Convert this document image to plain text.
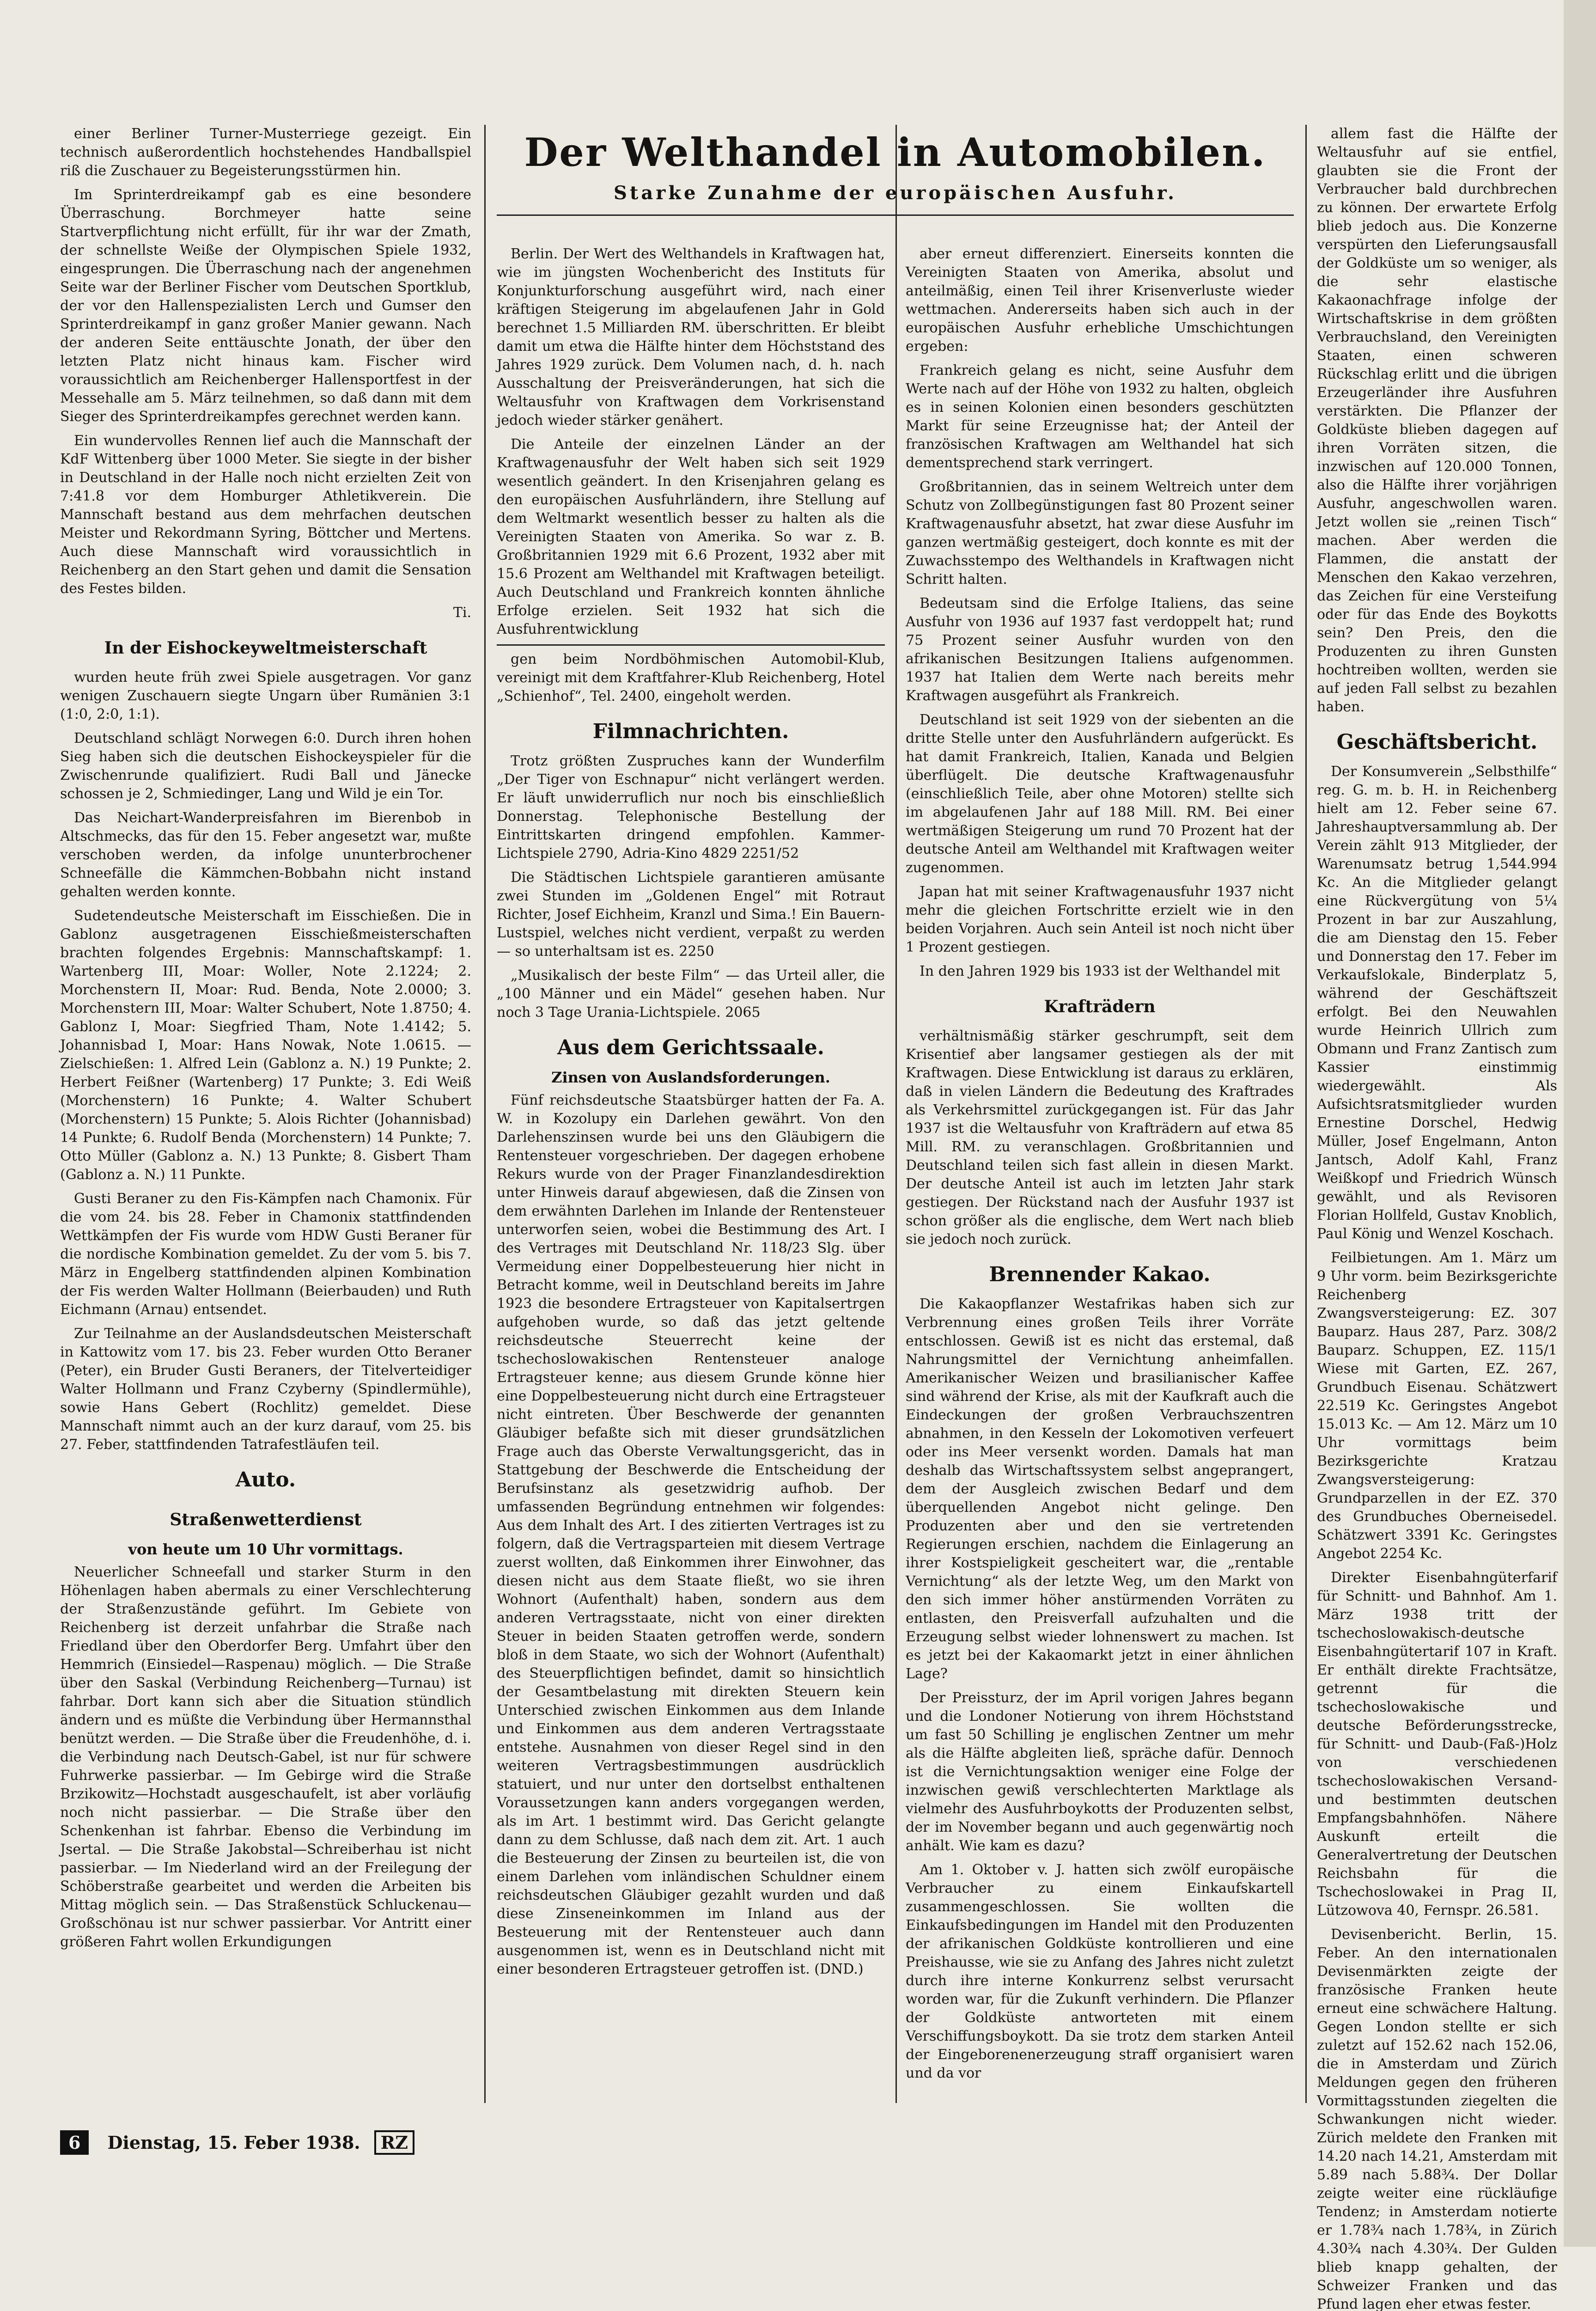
einer Berliner Turner-Musterriege gezeigt. Ein technisch außerordentlich hochstehendes Handballspiel riß die Zuschauer zu Begeisterungsstürmen hin.

Im Sprinterdreikampf gab es eine besondere Überraschung. Borchmeyer hatte seine Startverpflichtung nicht erfüllt, für ihr war der Zmath, der schnellste Weiße der Olympischen Spiele 1932, eingesprungen. Die Überraschung nach der angenehmen Seite war der Berliner Fischer vom Deutschen Sportklub, der vor den Hallenspezialisten Lerch und Gumser den Sprinterdreikampf in ganz großer Manier gewann. Nach der anderen Seite enttäuschte Jonath, der über den letzten Platz nicht hinaus kam. Fischer wird voraussichtlich am Reichenberger Hallensportfest in der Messehalle am 5. März teilnehmen, so daß dann mit dem Sieger des Sprinterdreikampfes gerechnet werden kann.

Ein wundervolles Rennen lief auch die Mannschaft der KdF Wittenberg über 1000 Meter. Sie siegte in der bisher in Deutschland in der Halle noch nicht erzielten Zeit von 7:41.8 vor dem Homburger Athletikverein. Die Mannschaft bestand aus dem mehrfachen deutschen Meister und Rekordmann Syring, Böttcher und Mertens. Auch diese Mannschaft wird voraussichtlich in Reichenberg an den Start gehen und damit die Sensation des Festes bilden.

Ti.
In der Eishockeyweltmeisterschaft

wurden heute früh zwei Spiele ausgetragen. Vor ganz wenigen Zuschauern siegte Ungarn über Rumänien 3:1 (1:0, 2:0, 1:1).

Deutschland schlägt Norwegen 6:0. Durch ihren hohen Sieg haben sich die deutschen Eishockeyspieler für die Zwischenrunde qualifiziert. Rudi Ball und Jänecke schossen je 2, Schmiedinger, Lang und Wild je ein Tor.

Das Neichart-Wanderpreisfahren im Bierenbob in Altschmecks, das für den 15. Feber angesetzt war, mußte verschoben werden, da infolge ununterbrochener Schneefälle die Kämmchen-Bobbahn nicht instand gehalten werden konnte.

Sudetendeutsche Meisterschaft im Eisschießen. Die in Gablonz ausgetragenen Eisschießmeisterschaften brachten folgendes Ergebnis: Mannschaftskampf: 1. Wartenberg III, Moar: Woller, Note 2.1224; 2. Morchenstern II, Moar: Rud. Benda, Note 2.0000; 3. Morchenstern III, Moar: Walter Schubert, Note 1.8750; 4. Gablonz I, Moar: Siegfried Tham, Note 1.4142; 5. Johannisbad I, Moar: Hans Nowak, Note 1.0615. — Zielschießen: 1. Alfred Lein (Gablonz a. N.) 19 Punkte; 2. Herbert Feißner (Wartenberg) 17 Punkte; 3. Edi Weiß (Morchenstern) 16 Punkte; 4. Walter Schubert (Morchenstern) 15 Punkte; 5. Alois Richter (Johannisbad) 14 Punkte; 6. Rudolf Benda (Morchenstern) 14 Punkte; 7. Otto Müller (Gablonz a. N.) 13 Punkte; 8. Gisbert Tham (Gablonz a. N.) 11 Punkte.

Gusti Beraner zu den Fis-Kämpfen nach Chamonix. Für die vom 24. bis 28. Feber in Chamonix stattfindenden Wettkämpfen der Fis wurde vom HDW Gusti Beraner für die nordische Kombination gemeldet. Zu der vom 5. bis 7. März in Engelberg stattfindenden alpinen Kombination der Fis werden Walter Hollmann (Beierbauden) und Ruth Eichmann (Arnau) entsendet.

Zur Teilnahme an der Auslandsdeutschen Meisterschaft in Kattowitz vom 17. bis 23. Feber wurden Otto Beraner (Peter), ein Bruder Gusti Beraners, der Titelverteidiger Walter Hollmann und Franz Czyberny (Spindlermühle), sowie Hans Gebert (Rochlitz) gemeldet. Diese Mannschaft nimmt auch an der kurz darauf, vom 25. bis 27. Feber, stattfindenden Tatrafestläufen teil.

Auto.
Straßenwetterdienst
von heute um 10 Uhr vormittags.

Neuerlicher Schneefall und starker Sturm in den Höhenlagen haben abermals zu einer Verschlechterung der Straßenzustände geführt. Im Gebiete von Reichenberg ist derzeit unfahrbar die Straße nach Friedland über den Oberdorfer Berg. Umfahrt über den Hemmrich (Einsiedel—Raspenau) möglich. — Die Straße über den Saskal (Verbindung Reichenberg—Turnau) ist fahrbar. Dort kann sich aber die Situation stündlich ändern und es müßte die Verbindung über Hermannsthal benützt werden. — Die Straße über die Freudenhöhe, d. i. die Verbindung nach Deutsch-Gabel, ist nur für schwere Fuhrwerke passierbar. — Im Gebirge wird die Straße Brzikowitz—Hochstadt ausgeschaufelt, ist aber vorläufig noch nicht passierbar. — Die Straße über den Schenkenhan ist fahrbar. Ebenso die Verbindung im Jsertal. — Die Straße Jakobstal—Schreiberhau ist nicht passierbar. — Im Niederland wird an der Freilegung der Schöberstraße gearbeitet und werden die Arbeiten bis Mittag möglich sein. — Das Straßenstück Schluckenau—Großschönau ist nur schwer passierbar. Vor Antritt einer größeren Fahrt wollen Erkundigungen

Der Welthandel in Automobilen.
Starke Zunahme der europäischen Ausfuhr.

Berlin. Der Wert des Welthandels in Kraftwagen hat, wie im jüngsten Wochenbericht des Instituts für Konjunkturforschung ausgeführt wird, nach einer kräftigen Steigerung im abgelaufenen Jahr in Gold berechnet 1.5 Milliarden RM. überschritten. Er bleibt damit um etwa die Hälfte hinter dem Höchststand des Jahres 1929 zurück. Dem Volumen nach, d. h. nach Ausschaltung der Preisveränderungen, hat sich die Weltausfuhr von Kraftwagen dem Vorkrisenstand jedoch wieder stärker genähert.

Die Anteile der einzelnen Länder an der Kraftwagenausfuhr der Welt haben sich seit 1929 wesentlich geändert. In den Krisenjahren gelang es den europäischen Ausfuhrländern, ihre Stellung auf dem Weltmarkt wesentlich besser zu halten als die Vereinigten Staaten von Amerika. So war z. B. Großbritannien 1929 mit 6.6 Prozent, 1932 aber mit 15.6 Prozent am Welthandel mit Kraftwagen beteiligt. Auch Deutschland und Frankreich konnten ähnliche Erfolge erzielen. Seit 1932 hat sich die Ausfuhrentwicklung

gen beim Nordböhmischen Automobil-Klub, vereinigt mit dem Kraftfahrer-Klub Reichenberg, Hotel „Schienhof“, Tel. 2400, eingeholt werden.

Filmnachrichten.

Trotz größten Zuspruches kann der Wunderfilm „Der Tiger von Eschnapur“ nicht verlängert werden. Er läuft unwiderruflich nur noch bis einschließlich Donnerstag. Telephonische Bestellung der Eintrittskarten dringend empfohlen. Kammer-Lichtspiele 2790, Adria-Kino 4829 2251/52

Die Städtischen Lichtspiele garantieren amüsante zwei Stunden im „Goldenen Engel“ mit Rotraut Richter, Josef Eichheim, Kranzl und Sima.! Ein Bauern-Lustspiel, welches nicht verdient, verpaßt zu werden — so unterhaltsam ist es. 2250

„Musikalisch der beste Film“ — das Urteil aller, die „100 Männer und ein Mädel“ gesehen haben. Nur noch 3 Tage Urania-Lichtspiele. 2065

Aus dem Gerichtssaale.
Zinsen von Auslandsforderungen.

Fünf reichsdeutsche Staatsbürger hatten der Fa. A. W. in Kozolupy ein Darlehen gewährt. Von den Darlehenszinsen wurde bei uns den Gläubigern die Rentensteuer vorgeschrieben. Der dagegen erhobene Rekurs wurde von der Prager Finanzlandesdirektion unter Hinweis darauf abgewiesen, daß die Zinsen von dem erwähnten Darlehen im Inlande der Rentensteuer unterworfen seien, wobei die Bestimmung des Art. I des Vertrages mit Deutschland Nr. 118/23 Slg. über Vermeidung einer Doppelbesteuerung hier nicht in Betracht komme, weil in Deutschland bereits im Jahre 1923 die besondere Ertragsteuer von Kapitalsertrgen aufgehoben wurde, so daß das jetzt geltende reichsdeutsche Steuerrecht keine der tschechoslowakischen Rentensteuer analoge Ertragsteuer kenne; aus diesem Grunde könne hier eine Doppelbesteuerung nicht durch eine Ertragsteuer nicht eintreten. Über Beschwerde der genannten Gläubiger befaßte sich mit dieser grundsätzlichen Frage auch das Oberste Verwaltungsgericht, das in Stattgebung der Beschwerde die Entscheidung der Berufsinstanz als gesetzwidrig aufhob. Der umfassenden Begründung entnehmen wir folgendes: Aus dem Inhalt des Art. I des zitierten Vertrages ist zu folgern, daß die Vertragsparteien mit diesem Vertrage zuerst wollten, daß Einkommen ihrer Einwohner, das diesen nicht aus dem Staate fließt, wo sie ihren Wohnort (Aufenthalt) haben, sondern aus dem anderen Vertragsstaate, nicht von einer direkten Steuer in beiden Staaten getroffen werde, sondern bloß in dem Staate, wo sich der Wohnort (Aufenthalt) des Steuerpflichtigen befindet, damit so hinsichtlich der Gesamtbelastung mit direkten Steuern kein Unterschied zwischen Einkommen aus dem Inlande und Einkommen aus dem anderen Vertragsstaate entstehe. Ausnahmen von dieser Regel sind in den weiteren Vertragsbestimmungen ausdrücklich statuiert, und nur unter den dortselbst enthaltenen Voraussetzungen kann anders vorgegangen werden, als im Art. 1 bestimmt wird. Das Gericht gelangte dann zu dem Schlusse, daß nach dem zit. Art. 1 auch die Besteuerung der Zinsen zu beurteilen ist, die von einem Darlehen vom inländischen Schuldner einem reichsdeutschen Gläubiger gezahlt wurden und daß diese Zinseneinkommen im Inland aus der Besteuerung mit der Rentensteuer auch dann ausgenommen ist, wenn es in Deutschland nicht mit einer besonderen Ertragsteuer getroffen ist. (DND.)

aber erneut differenziert. Einerseits konnten die Vereinigten Staaten von Amerika, absolut und anteilmäßig, einen Teil ihrer Krisenverluste wieder wettmachen. Andererseits haben sich auch in der europäischen Ausfuhr erhebliche Umschichtungen ergeben:

Frankreich gelang es nicht, seine Ausfuhr dem Werte nach auf der Höhe von 1932 zu halten, obgleich es in seinen Kolonien einen besonders geschützten Markt für seine Erzeugnisse hat; der Anteil der französischen Kraftwagen am Welthandel hat sich dementsprechend stark verringert.

Großbritannien, das in seinem Weltreich unter dem Schutz von Zollbegünstigungen fast 80 Prozent seiner Kraftwagenausfuhr absetzt, hat zwar diese Ausfuhr im ganzen wertmäßig gesteigert, doch konnte es mit der Zuwachsstempo des Welthandels in Kraftwagen nicht Schritt halten.

Bedeutsam sind die Erfolge Italiens, das seine Ausfuhr von 1936 auf 1937 fast verdoppelt hat; rund 75 Prozent seiner Ausfuhr wurden von den afrikanischen Besitzungen Italiens aufgenommen. 1937 hat Italien dem Werte nach bereits mehr Kraftwagen ausgeführt als Frankreich.

Deutschland ist seit 1929 von der siebenten an die dritte Stelle unter den Ausfuhrländern aufgerückt. Es hat damit Frankreich, Italien, Kanada und Belgien überflügelt. Die deutsche Kraftwagenausfuhr (einschließlich Teile, aber ohne Motoren) stellte sich im abgelaufenen Jahr auf 188 Mill. RM. Bei einer wertmäßigen Steigerung um rund 70 Prozent hat der deutsche Anteil am Welthandel mit Kraftwagen weiter zugenommen.

Japan hat mit seiner Kraftwagenausfuhr 1937 nicht mehr die gleichen Fortschritte erzielt wie in den beiden Vorjahren. Auch sein Anteil ist noch nicht über 1 Prozent gestiegen.

In den Jahren 1929 bis 1933 ist der Welthandel mit

Krafträdern

verhältnismäßig stärker geschrumpft, seit dem Krisentief aber langsamer gestiegen als der mit Kraftwagen. Diese Entwicklung ist daraus zu erklären, daß in vielen Ländern die Bedeutung des Kraftrades als Verkehrsmittel zurückgegangen ist. Für das Jahr 1937 ist die Weltausfuhr von Krafträdern auf etwa 85 Mill. RM. zu veranschlagen. Großbritannien und Deutschland teilen sich fast allein in diesen Markt. Der deutsche Anteil ist auch im letzten Jahr stark gestiegen. Der Rückstand nach der Ausfuhr 1937 ist schon größer als die englische, dem Wert nach blieb sie jedoch noch zurück.

Brennender Kakao.

Die Kakaopflanzer Westafrikas haben sich zur Verbrennung eines großen Teils ihrer Vorräte entschlossen. Gewiß ist es nicht das erstemal, daß Nahrungsmittel der Vernichtung anheimfallen. Amerikanischer Weizen und brasilianischer Kaffee sind während der Krise, als mit der Kaufkraft auch die Eindeckungen der großen Verbrauchszentren abnahmen, in den Kesseln der Lokomotiven verfeuert oder ins Meer versenkt worden. Damals hat man deshalb das Wirtschaftssystem selbst angeprangert, dem der Ausgleich zwischen Bedarf und dem überquellenden Angebot nicht gelinge. Den Produzenten aber und den sie vertretenden Regierungen erschien, nachdem die Einlagerung an ihrer Kostspieligkeit gescheitert war, die „rentable Vernichtung“ als der letzte Weg, um den Markt von den sich immer höher anstürmenden Vorräten zu entlasten, den Preisverfall aufzuhalten und die Erzeugung selbst wieder lohnenswert zu machen. Ist es jetzt bei der Kakaomarkt jetzt in einer ähnlichen Lage?

Der Preissturz, der im April vorigen Jahres begann und die Londoner Notierung von ihrem Höchststand um fast 50 Schilling je englischen Zentner um mehr als die Hälfte abgleiten ließ, spräche dafür. Dennoch ist die Vernichtungsaktion weniger eine Folge der inzwischen gewiß verschlechterten Marktlage als vielmehr des Ausfuhrboykotts der Produzenten selbst, der im November begann und auch gegenwärtig noch anhält. Wie kam es dazu?

Am 1. Oktober v. J. hatten sich zwölf europäische Verbraucher zu einem Einkaufskartell zusammengeschlossen. Sie wollten die Einkaufsbedingungen im Handel mit den Produzenten der afrikanischen Goldküste kontrollieren und eine Preishausse, wie sie zu Anfang des Jahres nicht zuletzt durch ihre interne Konkurrenz selbst verursacht worden war, für die Zukunft verhindern. Die Pflanzer der Goldküste antworteten mit einem Verschiffungsboykott. Da sie trotz dem starken Anteil der Eingeborenenerzeugung straff organisiert waren und da vor

allem fast die Hälfte der Weltausfuhr auf sie entfiel, glaubten sie die Front der Verbraucher bald durchbrechen zu können. Der erwartete Erfolg blieb jedoch aus. Die Konzerne verspürten den Lieferungsausfall der Goldküste um so weniger, als die sehr elastische Kakaonachfrage infolge der Wirtschaftskrise in dem größten Verbrauchsland, den Vereinigten Staaten, einen schweren Rückschlag erlitt und die übrigen Erzeugerländer ihre Ausfuhren verstärkten. Die Pflanzer der Goldküste blieben dagegen auf ihren Vorräten sitzen, die inzwischen auf 120.000 Tonnen, also die Hälfte ihrer vorjährigen Ausfuhr, angeschwollen waren. Jetzt wollen sie „reinen Tisch“ machen. Aber werden die Flammen, die anstatt der Menschen den Kakao verzehren, das Zeichen für eine Versteifung oder für das Ende des Boykotts sein? Den Preis, den die Produzenten zu ihren Gunsten hochtreiben wollten, werden sie auf jeden Fall selbst zu bezahlen haben.

Geschäftsbericht.

Der Konsumverein „Selbsthilfe“ reg. G. m. b. H. in Reichenberg hielt am 12. Feber seine 67. Jahreshauptversammlung ab. Der Verein zählt 913 Mitglieder, der Warenumsatz betrug 1,544.994 Kc. An die Mitglieder gelangt eine Rückvergütung von 5¼ Prozent in bar zur Auszahlung, die am Dienstag den 15. Feber und Donnerstag den 17. Feber im Verkaufslokale, Binderplatz 5, während der Geschäftszeit erfolgt. Bei den Neuwahlen wurde Heinrich Ullrich zum Obmann und Franz Zantisch zum Kassier einstimmig wiedergewählt. Als Aufsichtsratsmitglieder wurden Ernestine Dorschel, Hedwig Müller, Josef Engelmann, Anton Jantsch, Adolf Kahl, Franz Weißkopf und Friedrich Wünsch gewählt, und als Revisoren Florian Hollfeld, Gustav Knoblich, Paul König und Wenzel Koschach.

Feilbietungen. Am 1. März um 9 Uhr vorm. beim Bezirksgerichte Reichenberg Zwangsversteigerung: EZ. 307 Bauparz. Haus 287, Parz. 308/2 Bauparz. Schuppen, EZ. 115/1 Wiese mit Garten, EZ. 267, Grundbuch Eisenau. Schätzwert 22.519 Kc. Geringstes Angebot 15.013 Kc. — Am 12. März um 10 Uhr vormittags beim Bezirksgerichte Kratzau Zwangsversteigerung: Grundparzellen in der EZ. 370 des Grundbuches Oberneisedel. Schätzwert 3391 Kc. Geringstes Angebot 2254 Kc.

Direkter Eisenbahngüterfarif für Schnitt- und Bahnhof. Am 1. März 1938 tritt der tschechoslowakisch-deutsche Eisenbahngütertarif 107 in Kraft. Er enthält direkte Frachtsätze, getrennt für die tschechoslowakische und deutsche Beförderungsstrecke, für Schnitt- und Daub-(Faß-)Holz von verschiedenen tschechoslowakischen Versand- und bestimmten deutschen Empfangsbahnhöfen. Nähere Auskunft erteilt die Generalvertretung der Deutschen Reichsbahn für die Tschechoslowakei in Prag II, Lützowova 40, Fernspr. 26.581.

Devisenbericht. Berlin, 15. Feber. An den internationalen Devisenmärkten zeigte der französische Franken heute erneut eine schwächere Haltung. Gegen London stellte er sich zuletzt auf 152.62 nach 152.06, die in Amsterdam und Zürich Meldungen gegen den früheren Vormittagsstunden ziegelten die Schwankungen nicht wieder. Zürich meldete den Franken mit 14.20 nach 14.21, Amsterdam mit 5.89 nach 5.88¾. Der Dollar zeigte weiter eine rückläufige Tendenz; in Amsterdam notierte er 1.78¾ nach 1.78¾, in Zürich 4.30¾ nach 4.30¾. Der Gulden blieb knapp gehalten, der Schweizer Franken und das Pfund lagen eher etwas fester.

6	Dienstag, 15. Feber 1938.	RZ
